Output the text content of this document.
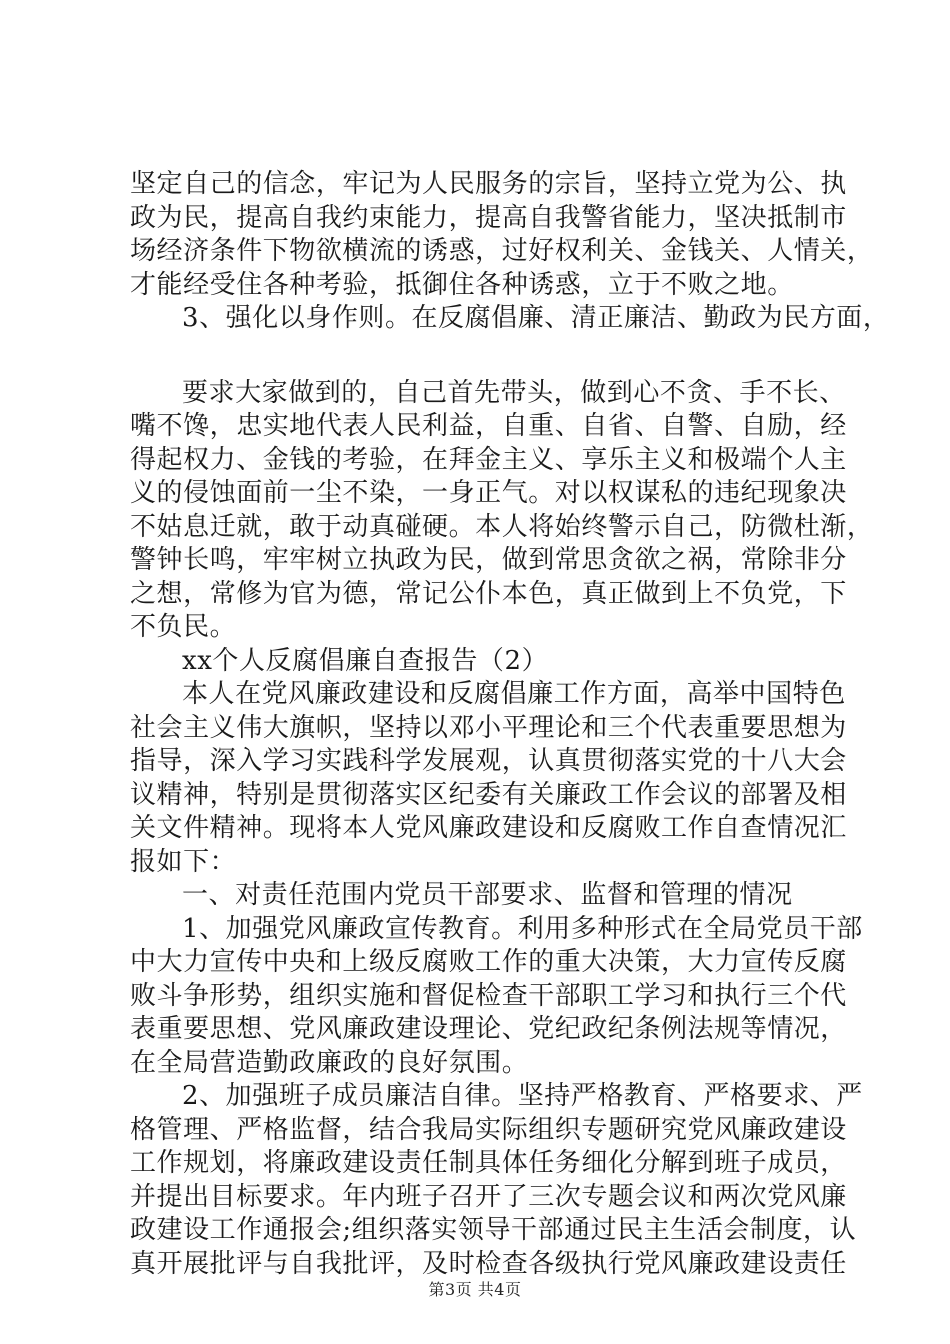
坚定自己的信念，牢记为人民服务的宗旨，坚持立党为公、执
政为民，提高自我约束能力，提高自我警省能力，坚决抵制市
场经济条件下物欲横流的诱惑，过好权利关、金钱关、人情关，
才能经受住各种考验，抵御住各种诱惑，立于不败之地。
3、强化以身作则。在反腐倡廉、清正廉洁、勤政为民方面，
要求大家做到的，自己首先带头，做到心不贪、手不长、
嘴不馋，忠实地代表人民利益，自重、自省、自警、自励，经
得起权力、金钱的考验，在拜金主义、享乐主义和极端个人主
义的侵蚀面前一尘不染，一身正气。对以权谋私的违纪现象决
不姑息迁就，敢于动真碰硬。本人将始终警示自己，防微杜渐，
警钟长鸣，牢牢树立执政为民，做到常思贪欲之祸，常除非分
之想，常修为官为德，常记公仆本色，真正做到上不负党，下
不负民。
xx个人反腐倡廉自查报告（2）
本人在党风廉政建设和反腐倡廉工作方面，高举中国特色
社会主义伟大旗帜，坚持以邓小平理论和三个代表重要思想为
指导，深入学习实践科学发展观，认真贯彻落实党的十八大会
议精神，特别是贯彻落实区纪委有关廉政工作会议的部署及相
关文件精神。现将本人党风廉政建设和反腐败工作自查情况汇
报如下：
一、对责任范围内党员干部要求、监督和管理的情况
1、加强党风廉政宣传教育。利用多种形式在全局党员干部
中大力宣传中央和上级反腐败工作的重大决策，大力宣传反腐
败斗争形势，组织实施和督促检查干部职工学习和执行三个代
表重要思想、党风廉政建设理论、党纪政纪条例法规等情况，
在全局营造勤政廉政的良好氛围。
2、加强班子成员廉洁自律。坚持严格教育、严格要求、严
格管理、严格监督，结合我局实际组织专题研究党风廉政建设
工作规划，将廉政建设责任制具体任务细化分解到班子成员，
并提出目标要求。年内班子召开了三次专题会议和两次党风廉
政建设工作通报会;组织落实领导干部通过民主生活会制度，认
真开展批评与自我批评，及时检查各级执行党风廉政建设责任
第3页 共4页
